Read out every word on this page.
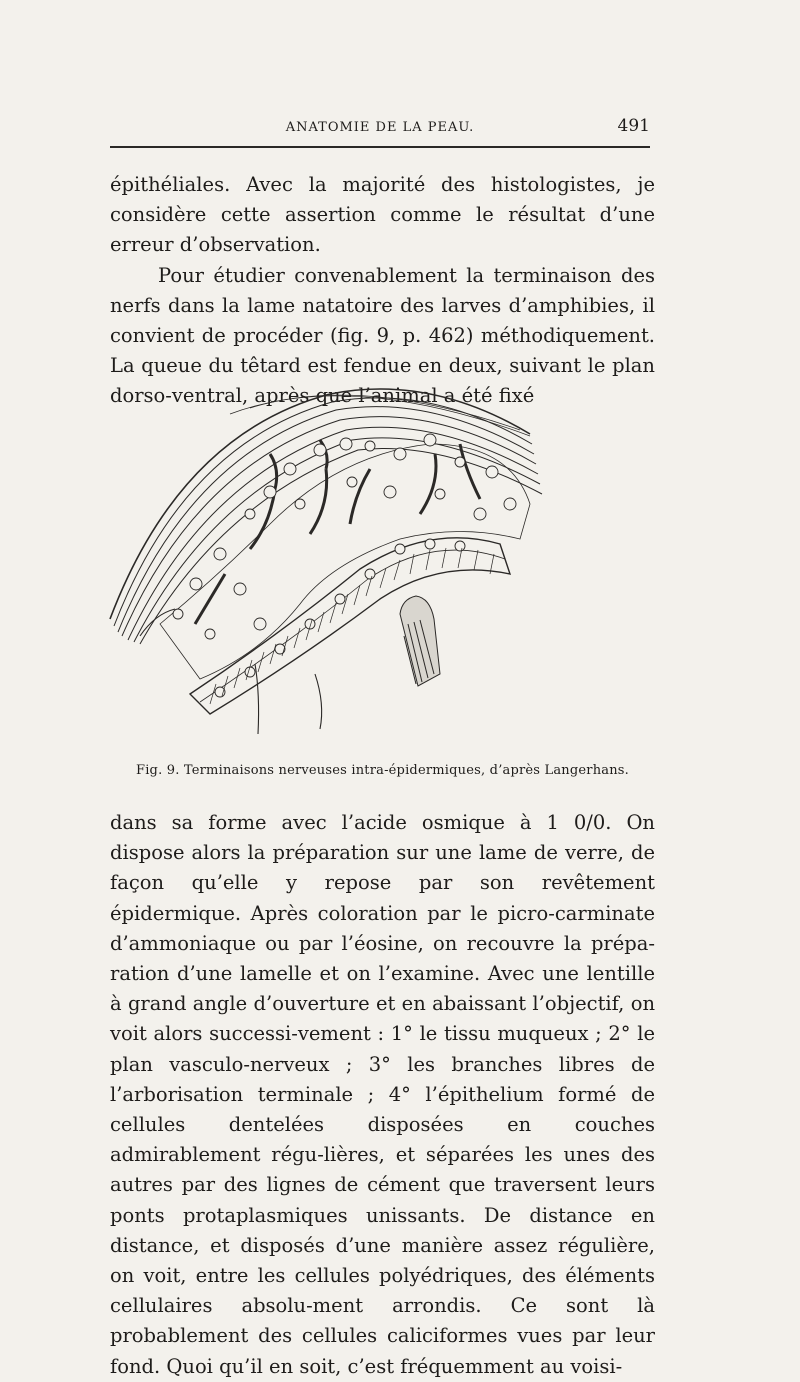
ANATOMIE DE LA PEAU.	491

épithéliales. Avec la majorité des histologistes, je considère cette assertion comme le résultat d’une erreur d’observation.

Pour étudier convenablement la terminaison des nerfs dans la lame natatoire des larves d’amphibies, il convient de procéder (fig. 9, p. 462) méthodiquement. La queue du têtard est fendue en deux, suivant le plan dorso-ventral, après que l’animal a été fixé

Fig. 9. Terminaisons nerveuses intra-épidermiques, d’après Langerhans.

dans sa forme avec l’acide osmique à 1 0/0. On dispose alors la préparation sur une lame de verre, de façon qu’elle y repose par son revêtement épidermique. Après coloration par le picro-carminate d’ammoniaque ou par l’éosine, on recouvre la prépa-ration d’une lamelle et on l’examine. Avec une lentille à grand angle d’ouverture et en abaissant l’objectif, on voit alors successi-vement : 1° le tissu muqueux ; 2° le plan vasculo-nerveux ; 3° les branches libres de l’arborisation terminale ; 4° l’épithelium formé de cellules dentelées disposées en couches admirablement régu-lières, et séparées les unes des autres par des lignes de cément que traversent leurs ponts protaplasmiques unissants. De distance en distance, et disposés d’une manière assez régulière, on voit, entre les cellules polyédriques, des éléments cellulaires absolu-ment arrondis. Ce sont là probablement des cellules caliciformes vues par leur fond. Quoi qu’il en soit, c’est fréquemment au voisi-
